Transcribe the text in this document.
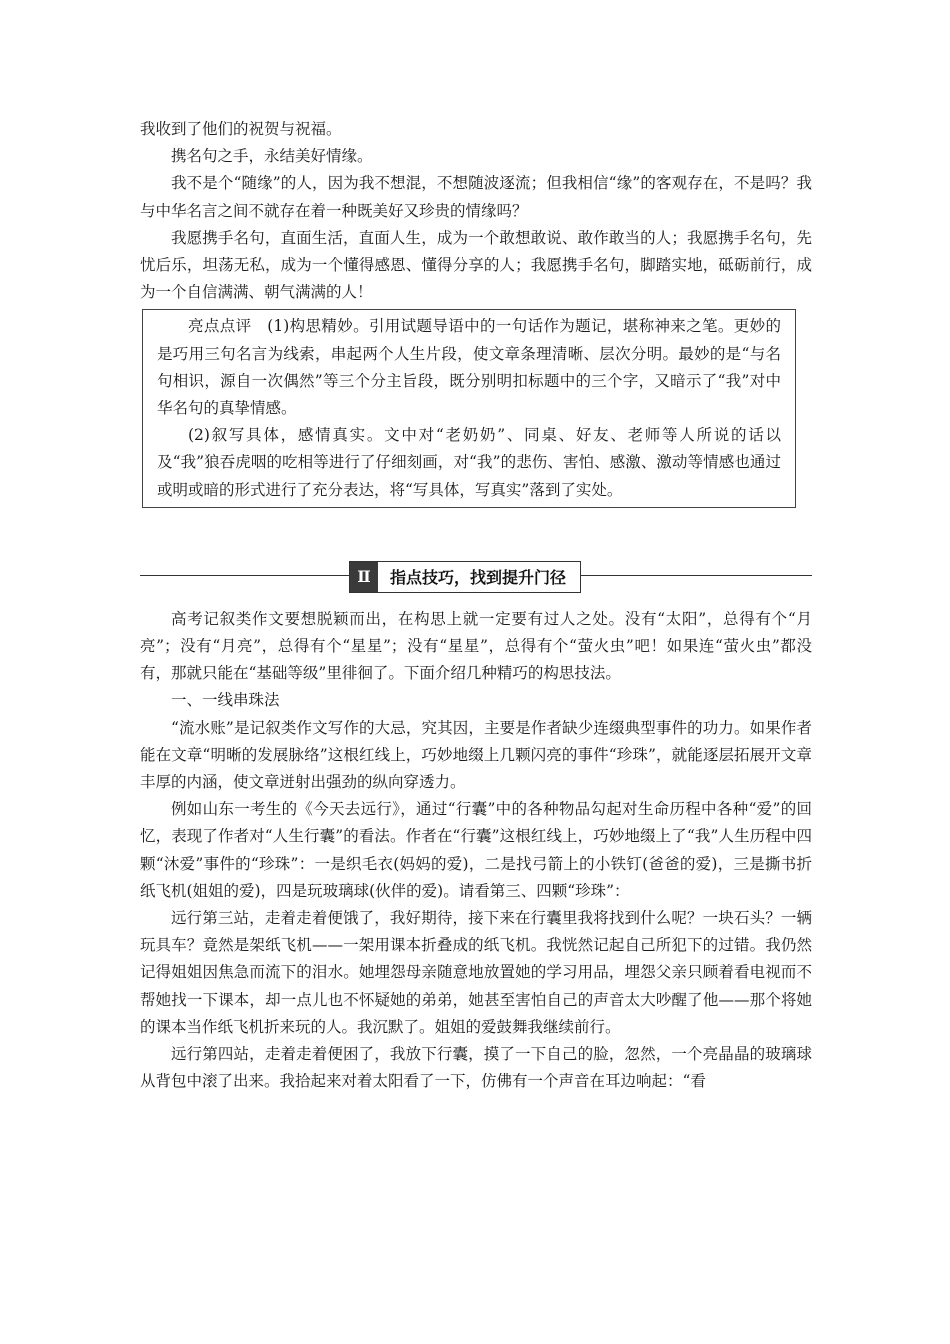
我收到了他们的祝贺与祝福。

携名句之手，永结美好情缘。

我不是个“随缘”的人，因为我不想混，不想随波逐流；但我相信“缘”的客观存在，不是吗？我与中华名言之间不就存在着一种既美好又珍贵的情缘吗？

我愿携手名句，直面生活，直面人生，成为一个敢想敢说、敢作敢当的人；我愿携手名句，先忧后乐，坦荡无私，成为一个懂得感恩、懂得分享的人；我愿携手名句，脚踏实地，砥砺前行，成为一个自信满满、朝气满满的人！

亮点点评　(1)构思精妙。引用试题导语中的一句话作为题记，堪称神来之笔。更妙的是巧用三句名言为线索，串起两个人生片段，使文章条理清晰、层次分明。最妙的是“与名句相识，源自一次偶然”等三个分主旨段，既分别明扣标题中的三个字，又暗示了“我”对中华名句的真挚情感。

(2)叙写具体，感情真实。文中对“老奶奶”、同桌、好友、老师等人所说的话以及“我”狼吞虎咽的吃相等进行了仔细刻画，对“我”的悲伤、害怕、感激、激动等情感也通过或明或暗的形式进行了充分表达，将“写具体，写真实”落到了实处。

Ⅱ	指点技巧，找到提升门径

高考记叙类作文要想脱颖而出，在构思上就一定要有过人之处。没有“太阳”，总得有个“月亮”；没有“月亮”，总得有个“星星”；没有“星星”，总得有个“萤火虫”吧！如果连“萤火虫”都没有，那就只能在“基础等级”里徘徊了。下面介绍几种精巧的构思技法。

一、一线串珠法

“流水账”是记叙类作文写作的大忌，究其因，主要是作者缺少连缀典型事件的功力。如果作者能在文章“明晰的发展脉络”这根红线上，巧妙地缀上几颗闪亮的事件“珍珠”，就能逐层拓展开文章丰厚的内涵，使文章迸射出强劲的纵向穿透力。

例如山东一考生的《今天去远行》，通过“行囊”中的各种物品勾起对生命历程中各种“爱”的回忆，表现了作者对“人生行囊”的看法。作者在“行囊”这根红线上，巧妙地缀上了“我”人生历程中四颗“沐爱”事件的“珍珠”：一是织毛衣(妈妈的爱)，二是找弓箭上的小铁钉(爸爸的爱)，三是撕书折纸飞机(姐姐的爱)，四是玩玻璃球(伙伴的爱)。请看第三、四颗“珍珠”：

远行第三站，走着走着便饿了，我好期待，接下来在行囊里我将找到什么呢？一块石头？一辆玩具车？竟然是架纸飞机——一架用课本折叠成的纸飞机。我恍然记起自己所犯下的过错。我仍然记得姐姐因焦急而流下的泪水。她埋怨母亲随意地放置她的学习用品，埋怨父亲只顾着看电视而不帮她找一下课本，却一点儿也不怀疑她的弟弟，她甚至害怕自己的声音太大吵醒了他——那个将她的课本当作纸飞机折来玩的人。我沉默了。姐姐的爱鼓舞我继续前行。

远行第四站，走着走着便困了，我放下行囊，摸了一下自己的脸，忽然，一个亮晶晶的玻璃球从背包中滚了出来。我拾起来对着太阳看了一下，仿佛有一个声音在耳边响起：“看
